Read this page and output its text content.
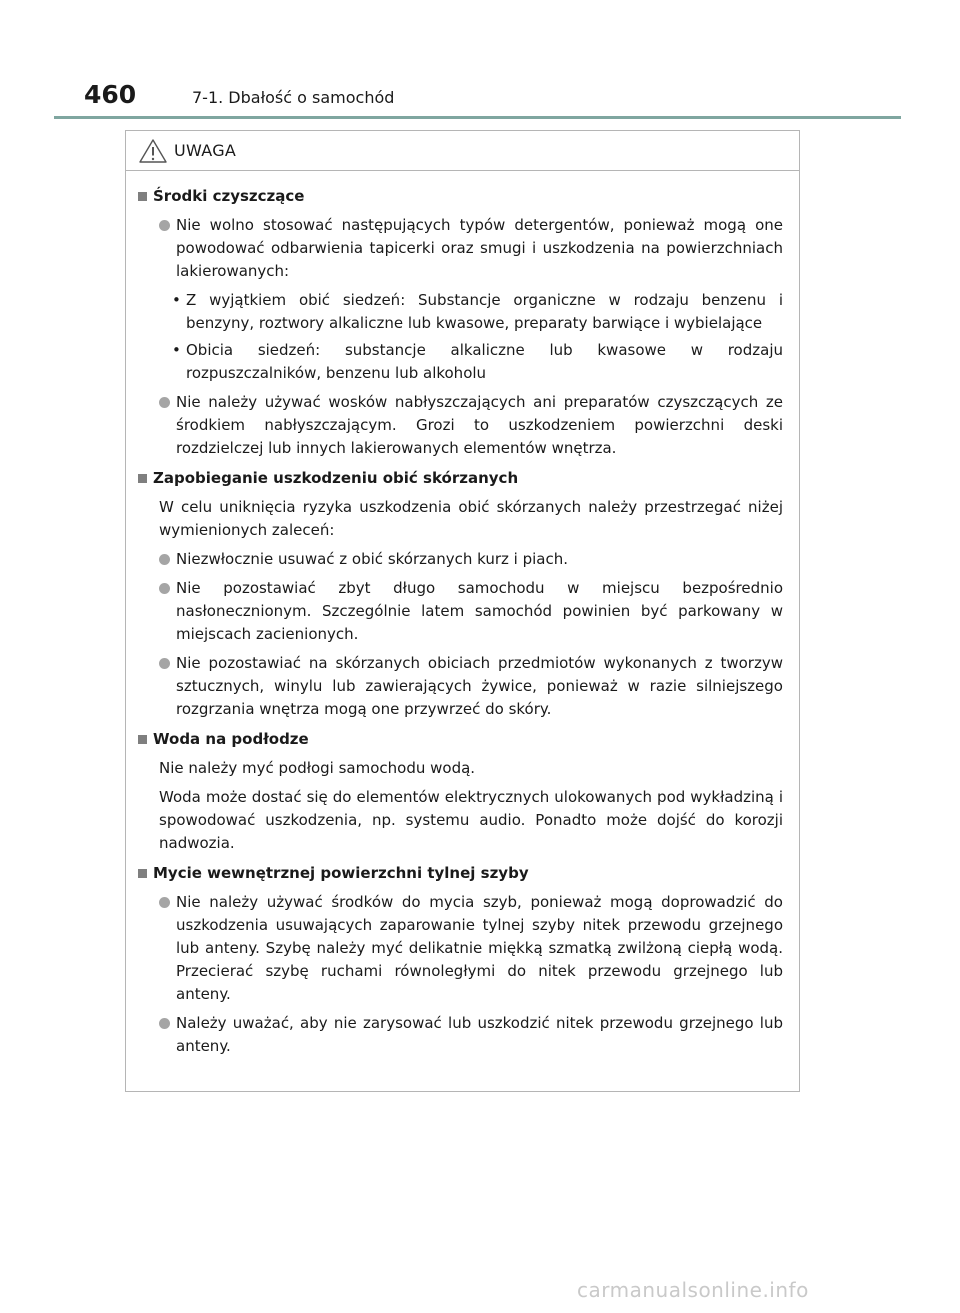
460	7-1. Dbałość o samochód
UWAGA
Środki czyszczące
Nie wolno stosować następujących typów detergentów, ponieważ mogą one powodować odbarwienia tapicerki oraz smugi i uszkodzenia na powierzchniach lakierowanych:
• Z wyjątkiem obić siedzeń: Substancje organiczne w rodzaju benzenu i benzyny, roztwory alkaliczne lub kwasowe, preparaty barwiące i wybielające
• Obicia siedzeń: substancje alkaliczne lub kwasowe w rodzaju rozpuszczalników, benzenu lub alkoholu
Nie należy używać wosków nabłyszczających ani preparatów czyszczących ze środkiem nabłyszczającym. Grozi to uszkodzeniem powierzchni deski rozdzielczej lub innych lakierowanych elementów wnętrza.
Zapobieganie uszkodzeniu obić skórzanych
W celu uniknięcia ryzyka uszkodzenia obić skórzanych należy przestrzegać niżej wymienionych zaleceń:
Niezwłocznie usuwać z obić skórzanych kurz i piach.
Nie pozostawiać zbyt długo samochodu w miejscu bezpośrednio nasłonecznionym. Szczególnie latem samochód powinien być parkowany w miejscach zacienionych.
Nie pozostawiać na skórzanych obiciach przedmiotów wykonanych z tworzyw sztucznych, winylu lub zawierających żywice, ponieważ w razie silniejszego rozgrzania wnętrza mogą one przywrzeć do skóry.
Woda na podłodze
Nie należy myć podłogi samochodu wodą.
Woda może dostać się do elementów elektrycznych ulokowanych pod wykładziną i spowodować uszkodzenia, np. systemu audio. Ponadto może dojść do korozji nadwozia.
Mycie wewnętrznej powierzchni tylnej szyby
Nie należy używać środków do mycia szyb, ponieważ mogą doprowadzić do uszkodzenia usuwających zaparowanie tylnej szyby nitek przewodu grzejnego lub anteny. Szybę należy myć delikatnie miękką szmatką zwilżoną ciepłą wodą. Przecierać szybę ruchami równoległymi do nitek przewodu grzejnego lub anteny.
Należy uważać, aby nie zarysować lub uszkodzić nitek przewodu grzejnego lub anteny.
carmanualsonline.info
